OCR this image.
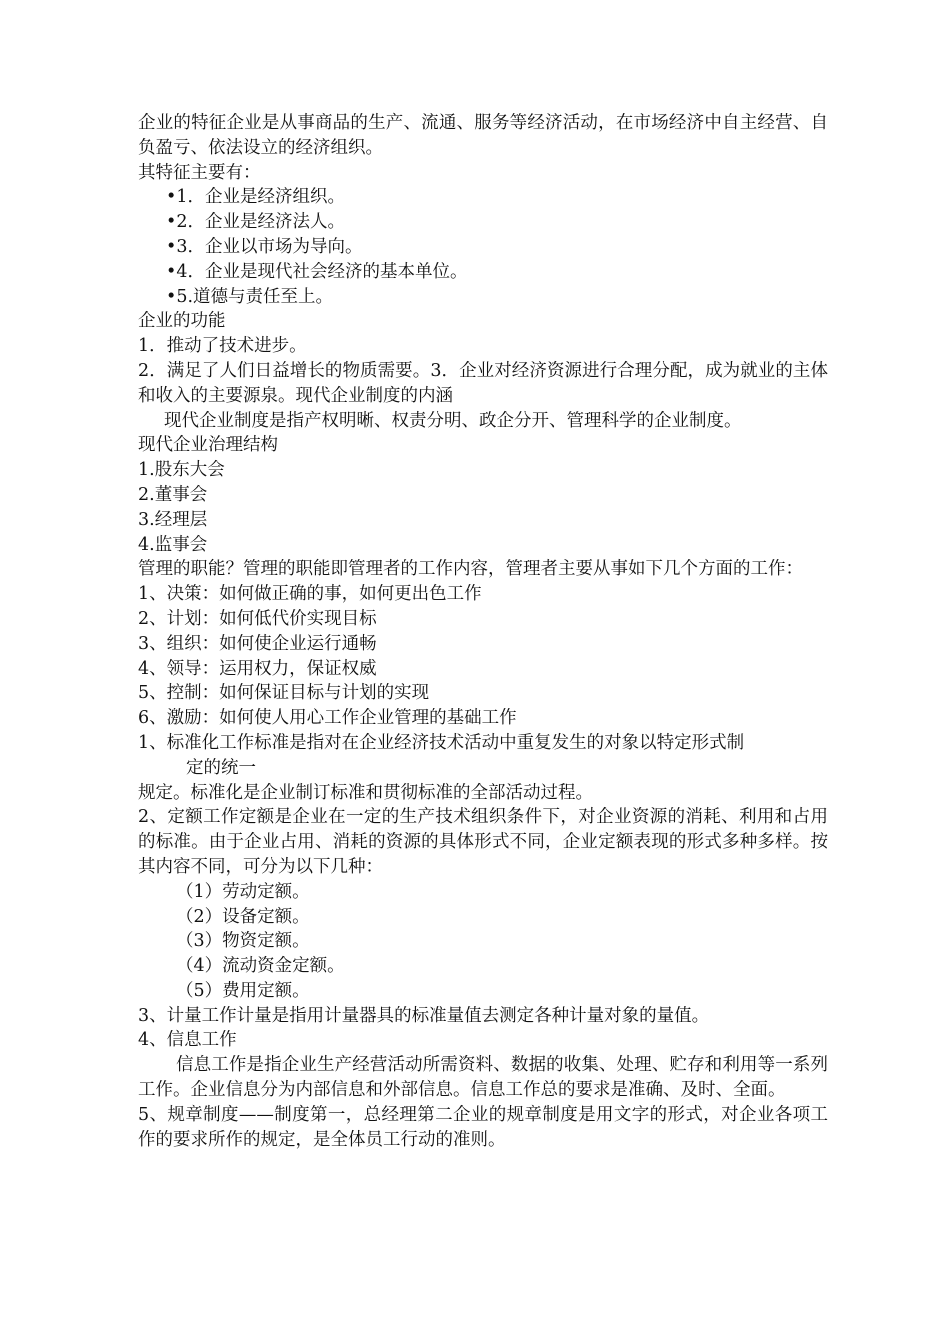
企业的特征企业是从事商品的生产、流通、服务等经济活动，在市场经济中自主经营、自负盈亏、依法设立的经济组织。
其特征主要有：
•1．企业是经济组织。
•2．企业是经济法人。
•3．企业以市场为导向。
•4．企业是现代社会经济的基本单位。
•5.道德与责任至上。
企业的功能
1．推动了技术进步。
2．满足了人们日益增长的物质需要。3．企业对经济资源进行合理分配，成为就业的主体和收入的主要源泉。现代企业制度的内涵
现代企业制度是指产权明晰、权责分明、政企分开、管理科学的企业制度。
现代企业治理结构
1.股东大会
2.董事会
3.经理层
4.监事会
管理的职能？管理的职能即管理者的工作内容，管理者主要从事如下几个方面的工作：
1、决策：如何做正确的事，如何更出色工作
2、计划：如何低代价实现目标
3、组织：如何使企业运行通畅
4、领导：运用权力，保证权威
5、控制：如何保证目标与计划的实现
6、激励：如何使人用心工作企业管理的基础工作
1、标准化工作标准是指对在企业经济技术活动中重复发生的对象以特定形式制
定的统一
规定。标准化是企业制订标准和贯彻标准的全部活动过程。
2、定额工作定额是企业在一定的生产技术组织条件下，对企业资源的消耗、利用和占用的标准。由于企业占用、消耗的资源的具体形式不同，企业定额表现的形式多种多样。按其内容不同，可分为以下几种：
（1）劳动定额。
（2）设备定额。
（3）物资定额。
（4）流动资金定额。
（5）费用定额。
3、计量工作计量是指用计量器具的标准量值去测定各种计量对象的量值。
4、信息工作
信息工作是指企业生产经营活动所需资料、数据的收集、处理、贮存和利用等一系列工作。企业信息分为内部信息和外部信息。信息工作总的要求是准确、及时、全面。
5、规章制度——制度第一，总经理第二企业的规章制度是用文字的形式，对企业各项工作的要求所作的规定，是全体员工行动的准则。
